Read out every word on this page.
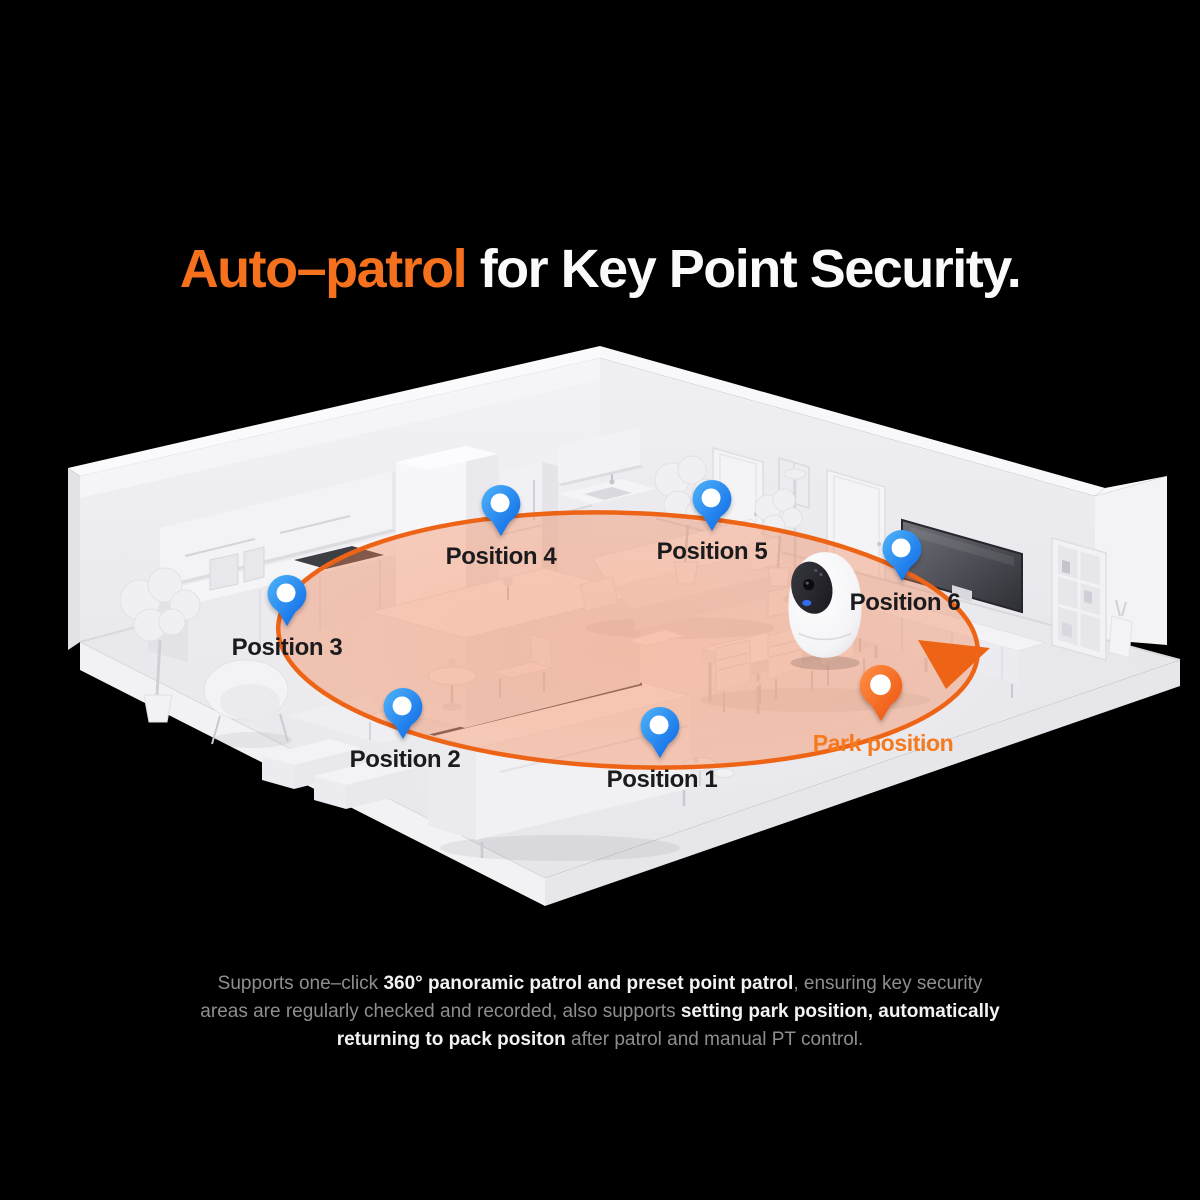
Auto–patrol for Key Point Security.
Position 1
Position 2
Position 3
Position 4	Position 5
Position 6
Park position
Supports one–click 360° panoramic patrol and preset point patrol, ensuring key security
areas are regularly checked and recorded, also supports setting park position, automatically
returning to pack positon after patrol and manual PT control.
